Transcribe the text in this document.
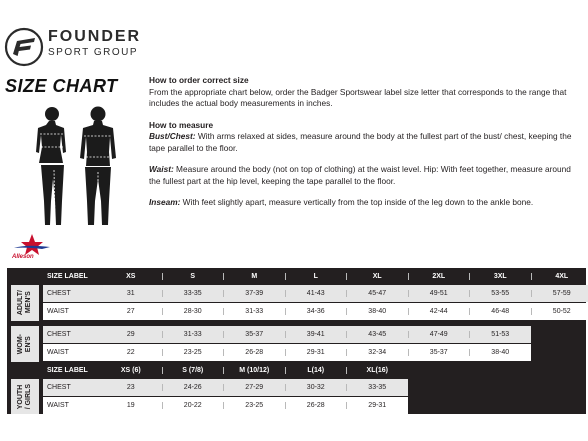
FOUNDER
SPORT GROUP
SIZE CHART
Alleson
How to order correct size
From the appropriate chart below, order the Badger Sportswear label size letter that corresponds to the range that includes the actual body measurements in inches.
How to measure
Bust/Chest: With arms relaxed at sides, measure around the body at the fullest part of the bust/ chest, keeping the tape parallel to the floor.
Waist: Measure around the body (not on top of clothing) at the waist level. Hip: With feet together, measure around the fullest part at the hip level, keeping the tape parallel to the floor.
Inseam: With feet slightly apart, measure vertically from the top inside of the leg down to the ankle bone.
SIZE LABEL	XS	S	M	L	XL	2XL	3XL	4XL
ADULT/
MEN'S	CHEST	31	33-35	37-39	41-43	45-47	49-51	53-55	57-59
WAIST	27	28-30	31-33	34-36	38-40	42-44	46-48	50-52
WOM-
EN'S
CHEST	29	31-33	35-37	39-41	43-45	47-49	51-53
WAIST	22	23-25	26-28	29-31	32-34	35-37	38-40
SIZE LABEL	XS (6)	S (7/8)	M (10/12)	L(14)	XL(16)
YOUTH
/ GIRLS	CHEST	23	24-26	27-29	30-32	33-35
WAIST	19	20-22	23-25	26-28	29-31
